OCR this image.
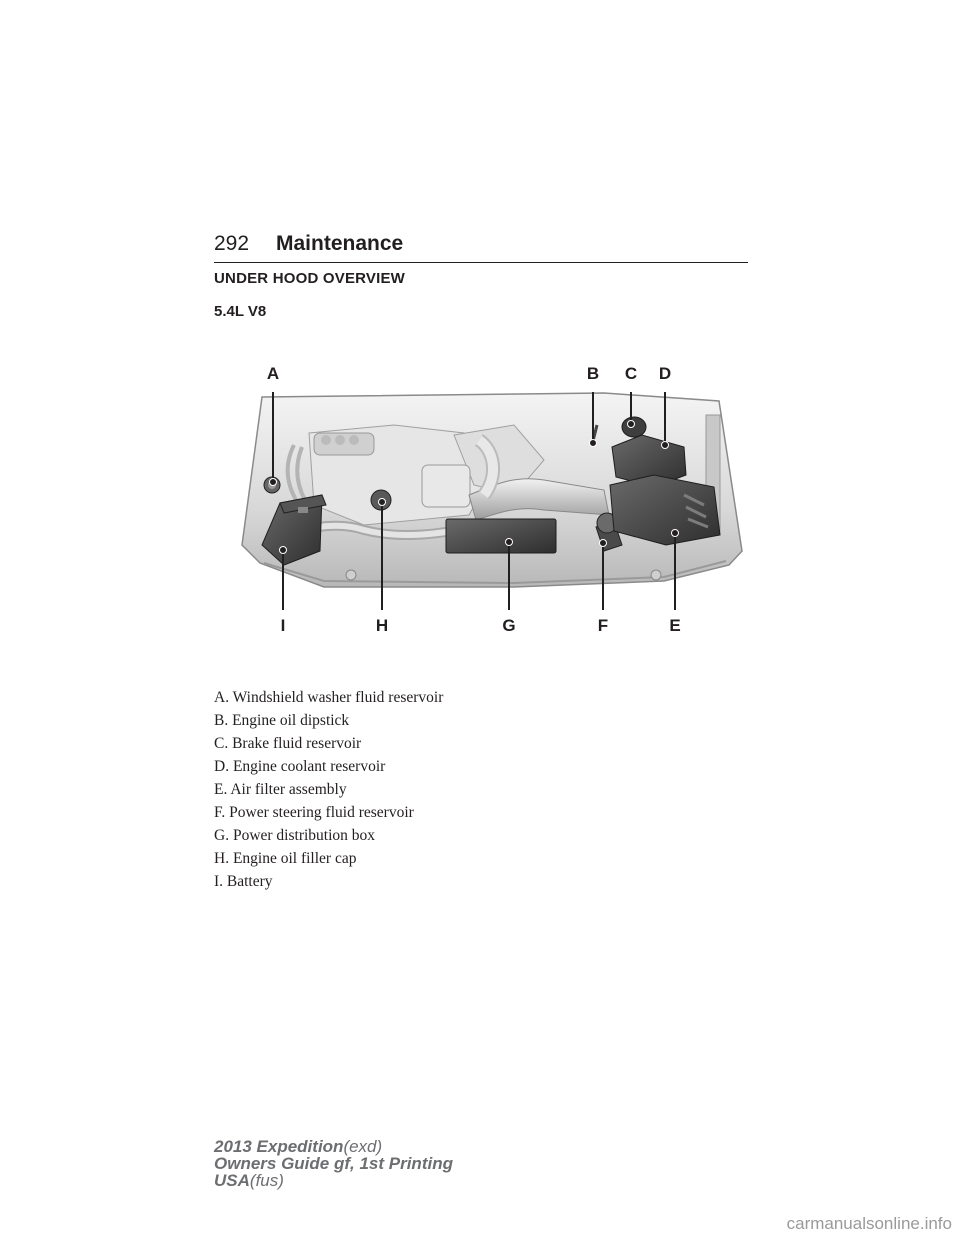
292 Maintenance
UNDER HOOD OVERVIEW
5.4L V8
A	B C D
I	H	G	F	E
A. Windshield washer fluid reservoir
B. Engine oil dipstick
C. Brake fluid reservoir
D. Engine coolant reservoir
E. Air filter assembly
F. Power steering fluid reservoir
G. Power distribution box
H. Engine oil filler cap
I. Battery
2013 Expedition(exd)
Owners Guide gf, 1st Printing
USA(fus)
carmanualsonline.info
